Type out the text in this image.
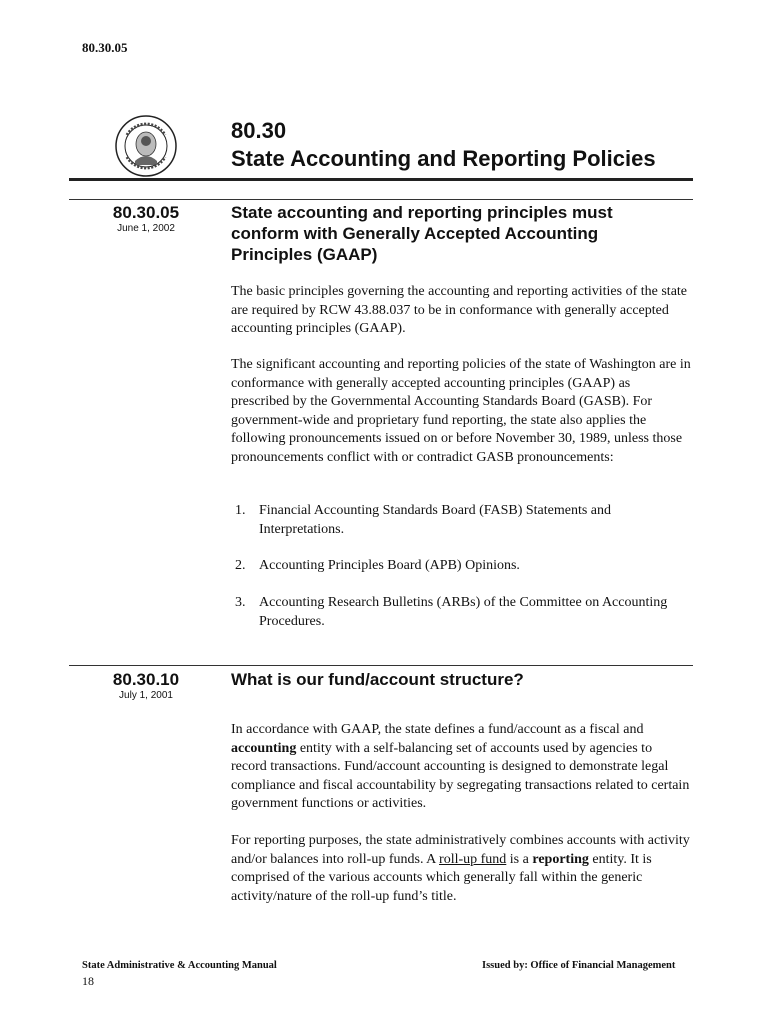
80.30.05
80.30
State Accounting and Reporting Policies
80.30.05
June 1, 2002
State accounting and reporting principles must conform with Generally Accepted Accounting Principles (GAAP)
The basic principles governing the accounting and reporting activities of the state are required by RCW 43.88.037 to be in conformance with generally accepted accounting principles (GAAP).
The significant accounting and reporting policies of the state of Washington are in conformance with generally accepted accounting principles (GAAP) as prescribed by the Governmental Accounting Standards Board (GASB). For government-wide and proprietary fund reporting, the state also applies the following pronouncements issued on or before November 30, 1989, unless those pronouncements conflict with or contradict GASB pronouncements:
1. Financial Accounting Standards Board (FASB) Statements and Interpretations.
2. Accounting Principles Board (APB) Opinions.
3. Accounting Research Bulletins (ARBs) of the Committee on Accounting Procedures.
80.30.10
July 1, 2001
What is our fund/account structure?
In accordance with GAAP, the state defines a fund/account as a fiscal and accounting entity with a self-balancing set of accounts used by agencies to record transactions. Fund/account accounting is designed to demonstrate legal compliance and fiscal accountability by segregating transactions related to certain government functions or activities.
For reporting purposes, the state administratively combines accounts with activity and/or balances into roll-up funds. A roll-up fund is a reporting entity. It is comprised of the various accounts which generally fall within the generic activity/nature of the roll-up fund’s title.
State Administrative & Accounting Manual
18
Issued by: Office of Financial Management
